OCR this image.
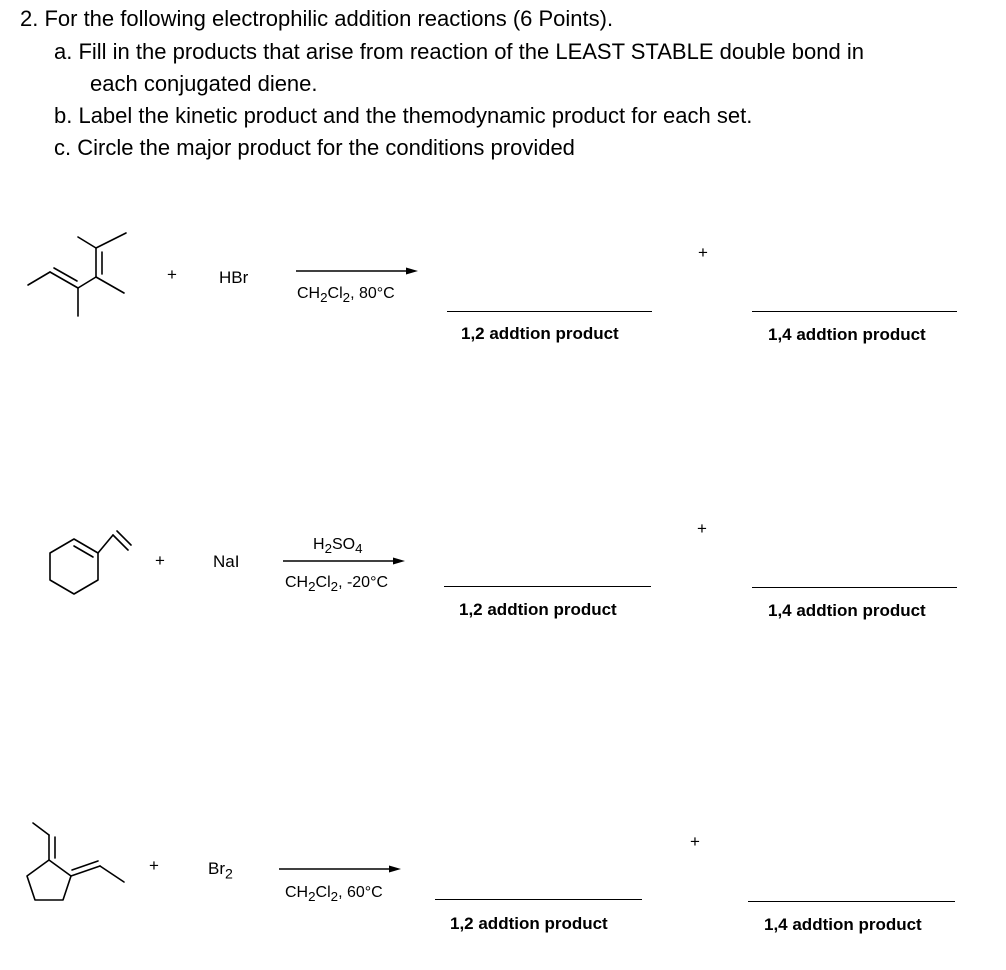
2. For the following electrophilic addition reactions (6 Points).
a. Fill in the products that arise from reaction of the LEAST STABLE double bond in
each conjugated diene.
b. Label the kinetic product and the themodynamic product for each set.
c. Circle the major product for the conditions provided
+ HBr
$CH_2Cl_2$, 80°C
+
1,2 addtion product	1,4 addtion product
+	NaI
$H_2SO_4$
$CH_2Cl_2$, -20°C
+
1,2 addtion product	1,4 addtion product
+	$Br_2$
$CH_2Cl_2$, 60°C
+
1,2 addtion product	1,4 addtion product
